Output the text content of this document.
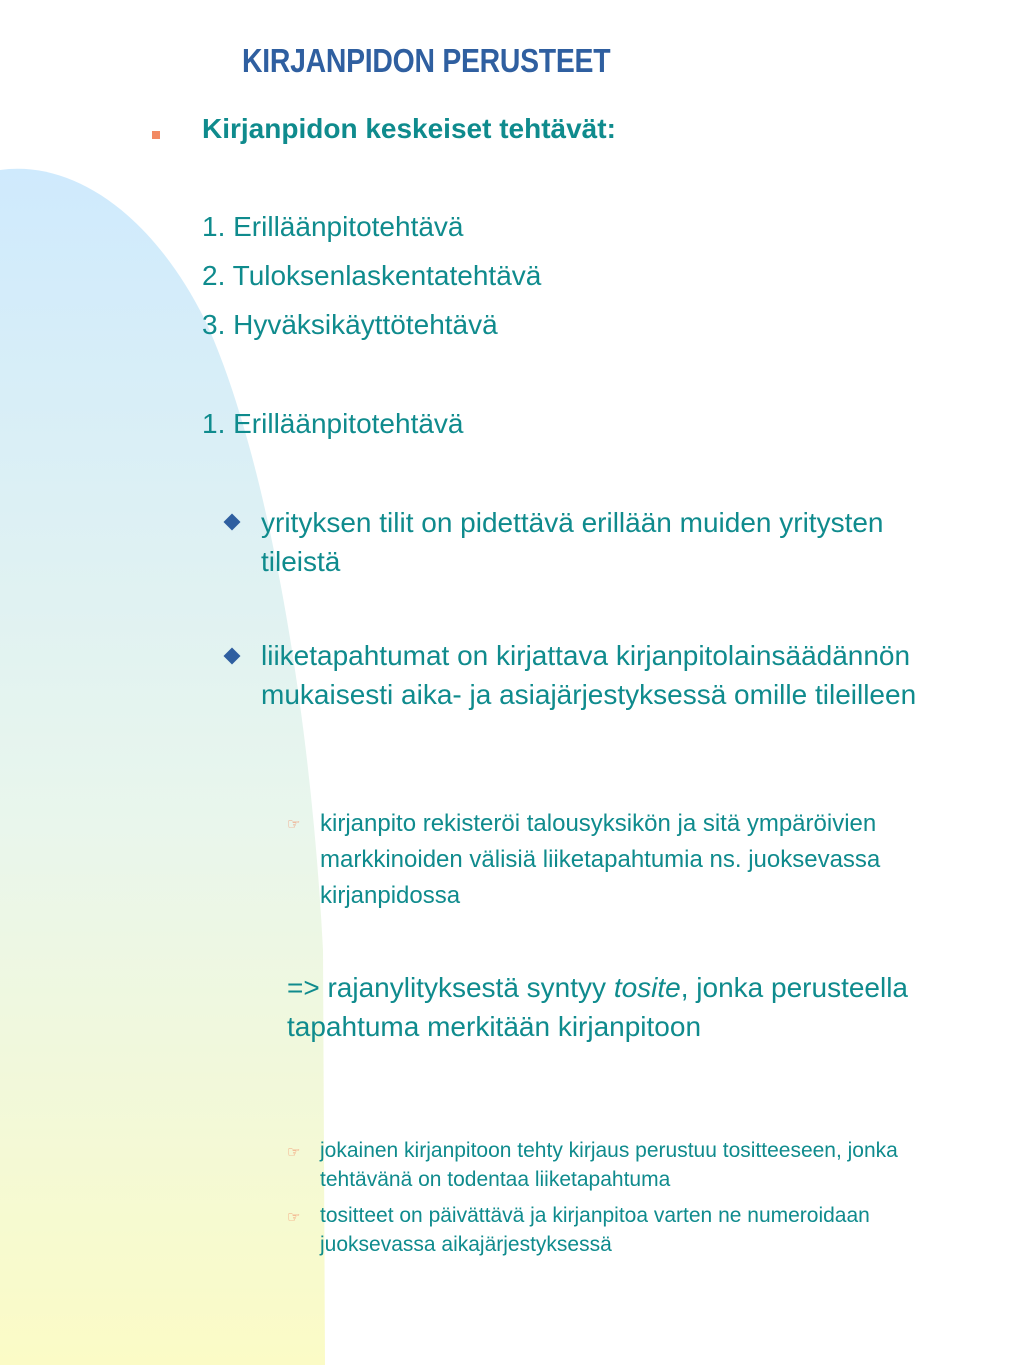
KIRJANPIDON PERUSTEET
Kirjanpidon keskeiset tehtävät:
1. Erilläänpitotehtävä
2. Tuloksenlaskentatehtävä
3. Hyväksikäyttötehtävä
1. Erilläänpitotehtävä
yrityksen tilit on pidettävä erillään muiden yritysten tileistä
liiketapahtumat on kirjattava kirjanpitolainsäädännön mukaisesti aika- ja asiajärjestyksessä omille tileilleen
☞ kirjanpito rekisteröi talousyksikön ja sitä ympäröivien markkinoiden välisiä liiketapahtumia ns. juoksevassa kirjanpidossa
=> rajanylityksestä syntyy tosite, jonka perusteella tapahtuma merkitään kirjanpitoon
☞ jokainen kirjanpitoon tehty kirjaus perustuu tositteeseen, jonka tehtävänä on todentaa liiketapahtuma
☞ tositteet on päivättävä ja kirjanpitoa varten ne numeroidaan juoksevassa aikajärjestyksessä
